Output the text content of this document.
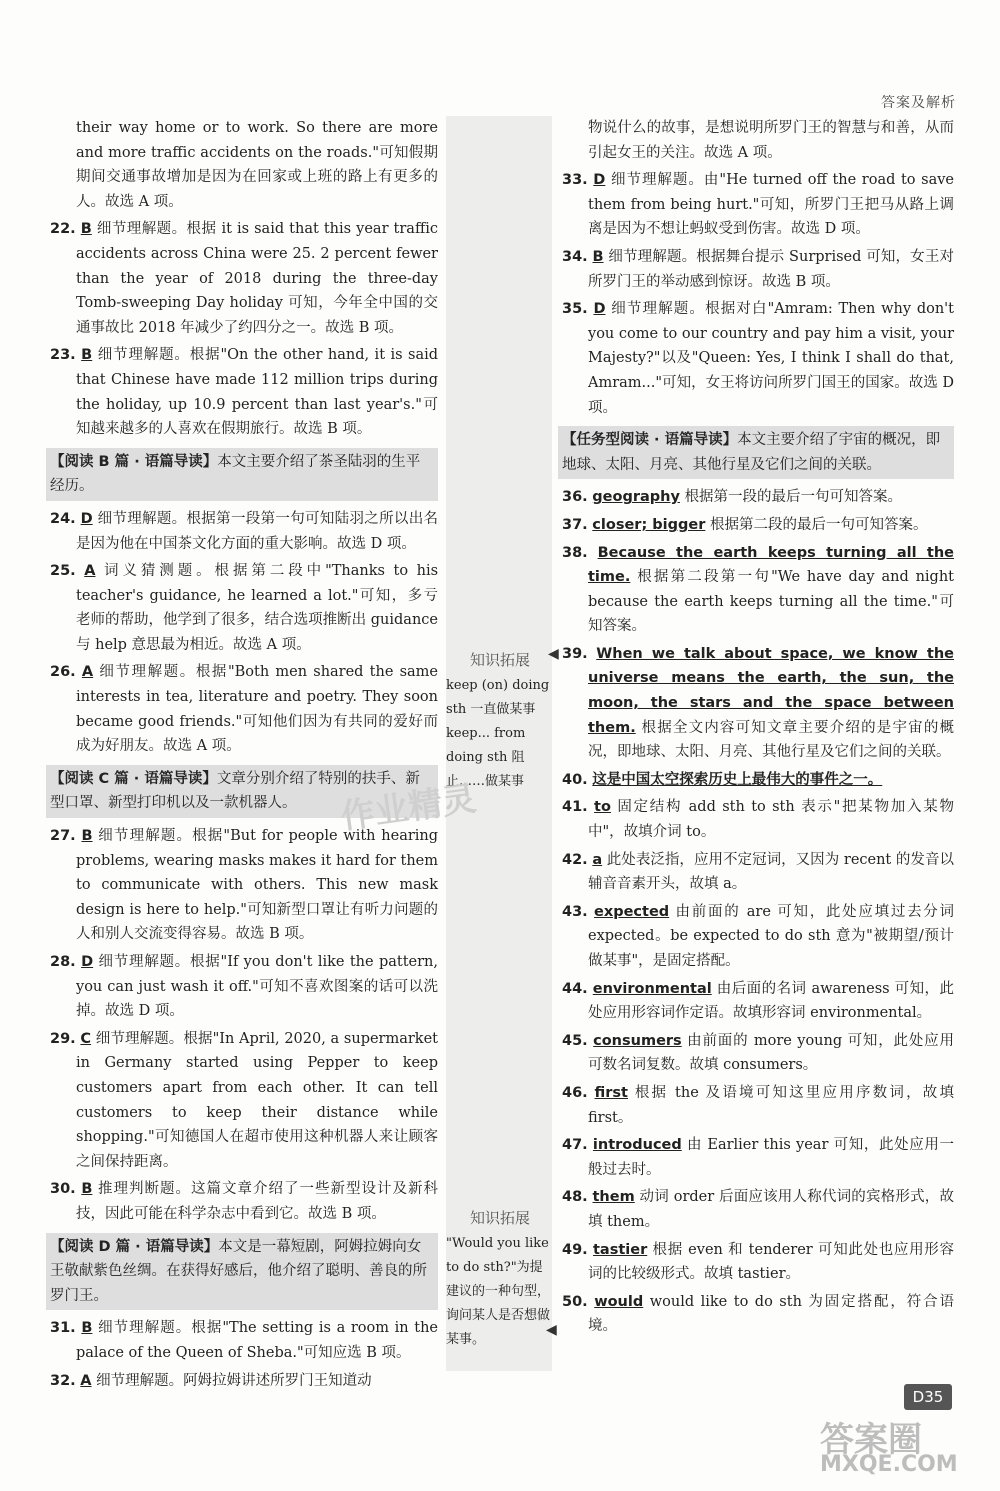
答案及解析

their way home or to work. So there are more and more traffic accidents on the roads."可知假期期间交通事故增加是因为在回家或上班的路上有更多的人。故选 A 项。

22. B 细节理解题。根据 it is said that this year traffic accidents across China were 25. 2 percent fewer than the year of 2018 during the three-day Tomb-sweeping Day holiday 可知，今年全中国的交通事故比 2018 年减少了约四分之一。故选 B 项。

23. B 细节理解题。根据"On the other hand, it is said that Chinese have made 112 million trips during the holiday, up 10.9 percent than last year's."可知越来越多的人喜欢在假期旅行。故选 B 项。

【阅读 B 篇 · 语篇导读】本文主要介绍了茶圣陆羽的生平经历。

24. D 细节理解题。根据第一段第一句可知陆羽之所以出名是因为他在中国茶文化方面的重大影响。故选 D 项。

25. A 词义猜测题。根据第二段中"Thanks to his teacher's guidance, he learned a lot."可知，多亏老师的帮助，他学到了很多，结合选项推断出 guidance 与 help 意思最为相近。故选 A 项。

26. A 细节理解题。根据"Both men shared the same interests in tea, literature and poetry. They soon became good friends."可知他们因为有共同的爱好而成为好朋友。故选 A 项。

【阅读 C 篇 · 语篇导读】文章分别介绍了特别的扶手、新型口罩、新型打印机以及一款机器人。

27. B 细节理解题。根据"But for people with hearing problems, wearing masks makes it hard for them to communicate with others. This new mask design is here to help."可知新型口罩让有听力问题的人和别人交流变得容易。故选 B 项。

28. D 细节理解题。根据"If you don't like the pattern, you can just wash it off."可知不喜欢图案的话可以洗掉。故选 D 项。

29. C 细节理解题。根据"In April, 2020, a supermarket in Germany started using Pepper to keep customers apart from each other. It can tell customers to keep their distance while shopping."可知德国人在超市使用这种机器人来让顾客之间保持距离。

30. B 推理判断题。这篇文章介绍了一些新型设计及新科技，因此可能在科学杂志中看到它。故选 B 项。

【阅读 D 篇 · 语篇导读】本文是一幕短剧，阿姆拉姆向女王敬献紫色丝绸。在获得好感后，他介绍了聪明、善良的所罗门王。

31. B 细节理解题。根据"The setting is a room in the palace of the Queen of Sheba."可知应选 B 项。

32. A 细节理解题。阿姆拉姆讲述所罗门王知道动

物说什么的故事，是想说明所罗门王的智慧与和善，从而引起女王的关注。故选 A 项。

33. D 细节理解题。由"He turned off the road to save them from being hurt."可知，所罗门王把马从路上调离是因为不想让蚂蚁受到伤害。故选 D 项。

34. B 细节理解题。根据舞台提示 Surprised 可知，女王对所罗门王的举动感到惊讶。故选 B 项。

35. D 细节理解题。根据对白"Amram: Then why don't you come to our country and pay him a visit, your Majesty?"以及"Queen: Yes, I think I shall do that, Amram..."可知，女王将访问所罗门国王的国家。故选 D 项。

【任务型阅读 · 语篇导读】本文主要介绍了宇宙的概况，即地球、太阳、月亮、其他行星及它们之间的关联。

36. geography 根据第一段的最后一句可知答案。

37. closer; bigger 根据第二段的最后一句可知答案。

38. Because the earth keeps turning all the time. 根据第二段第一句"We have day and night because the earth keeps turning all the time."可知答案。

39. When we talk about space, we know the universe means the earth, the sun, the moon, the stars and the space between them. 根据全文内容可知文章主要介绍的是宇宙的概况，即地球、太阳、月亮、其他行星及它们之间的关联。

40. 这是中国太空探索历史上最伟大的事件之一。

41. to 固定结构 add sth to sth 表示"把某物加入某物中"，故填介词 to。

42. a 此处表泛指，应用不定冠词，又因为 recent 的发音以辅音音素开头，故填 a。

43. expected 由前面的 are 可知，此处应填过去分词 expected。be expected to do sth 意为"被期望/预计做某事"，是固定搭配。

44. environmental 由后面的名词 awareness 可知，此处应用形容词作定语。故填形容词 environmental。

45. consumers 由前面的 more young 可知，此处应用可数名词复数。故填 consumers。

46. first 根据 the 及语境可知这里应用序数词，故填 first。

47. introduced 由 Earlier this year 可知，此处应用一般过去时。

48. them 动词 order 后面应该用人称代词的宾格形式，故填 them。

49. tastier 根据 even 和 tenderer 可知此处也应用形容词的比较级形式。故填 tastier。

50. would would like to do sth 为固定搭配，符合语境。

知识拓展
keep (on) doing sth 一直做某事
keep... from doing sth 阻止……做某事
知识拓展
"Would you like to do sth?"为提建议的一种句型，询问某人是否想做某事。
◀
◀
D35
作业精灵
答案圈
MXQE.COM
